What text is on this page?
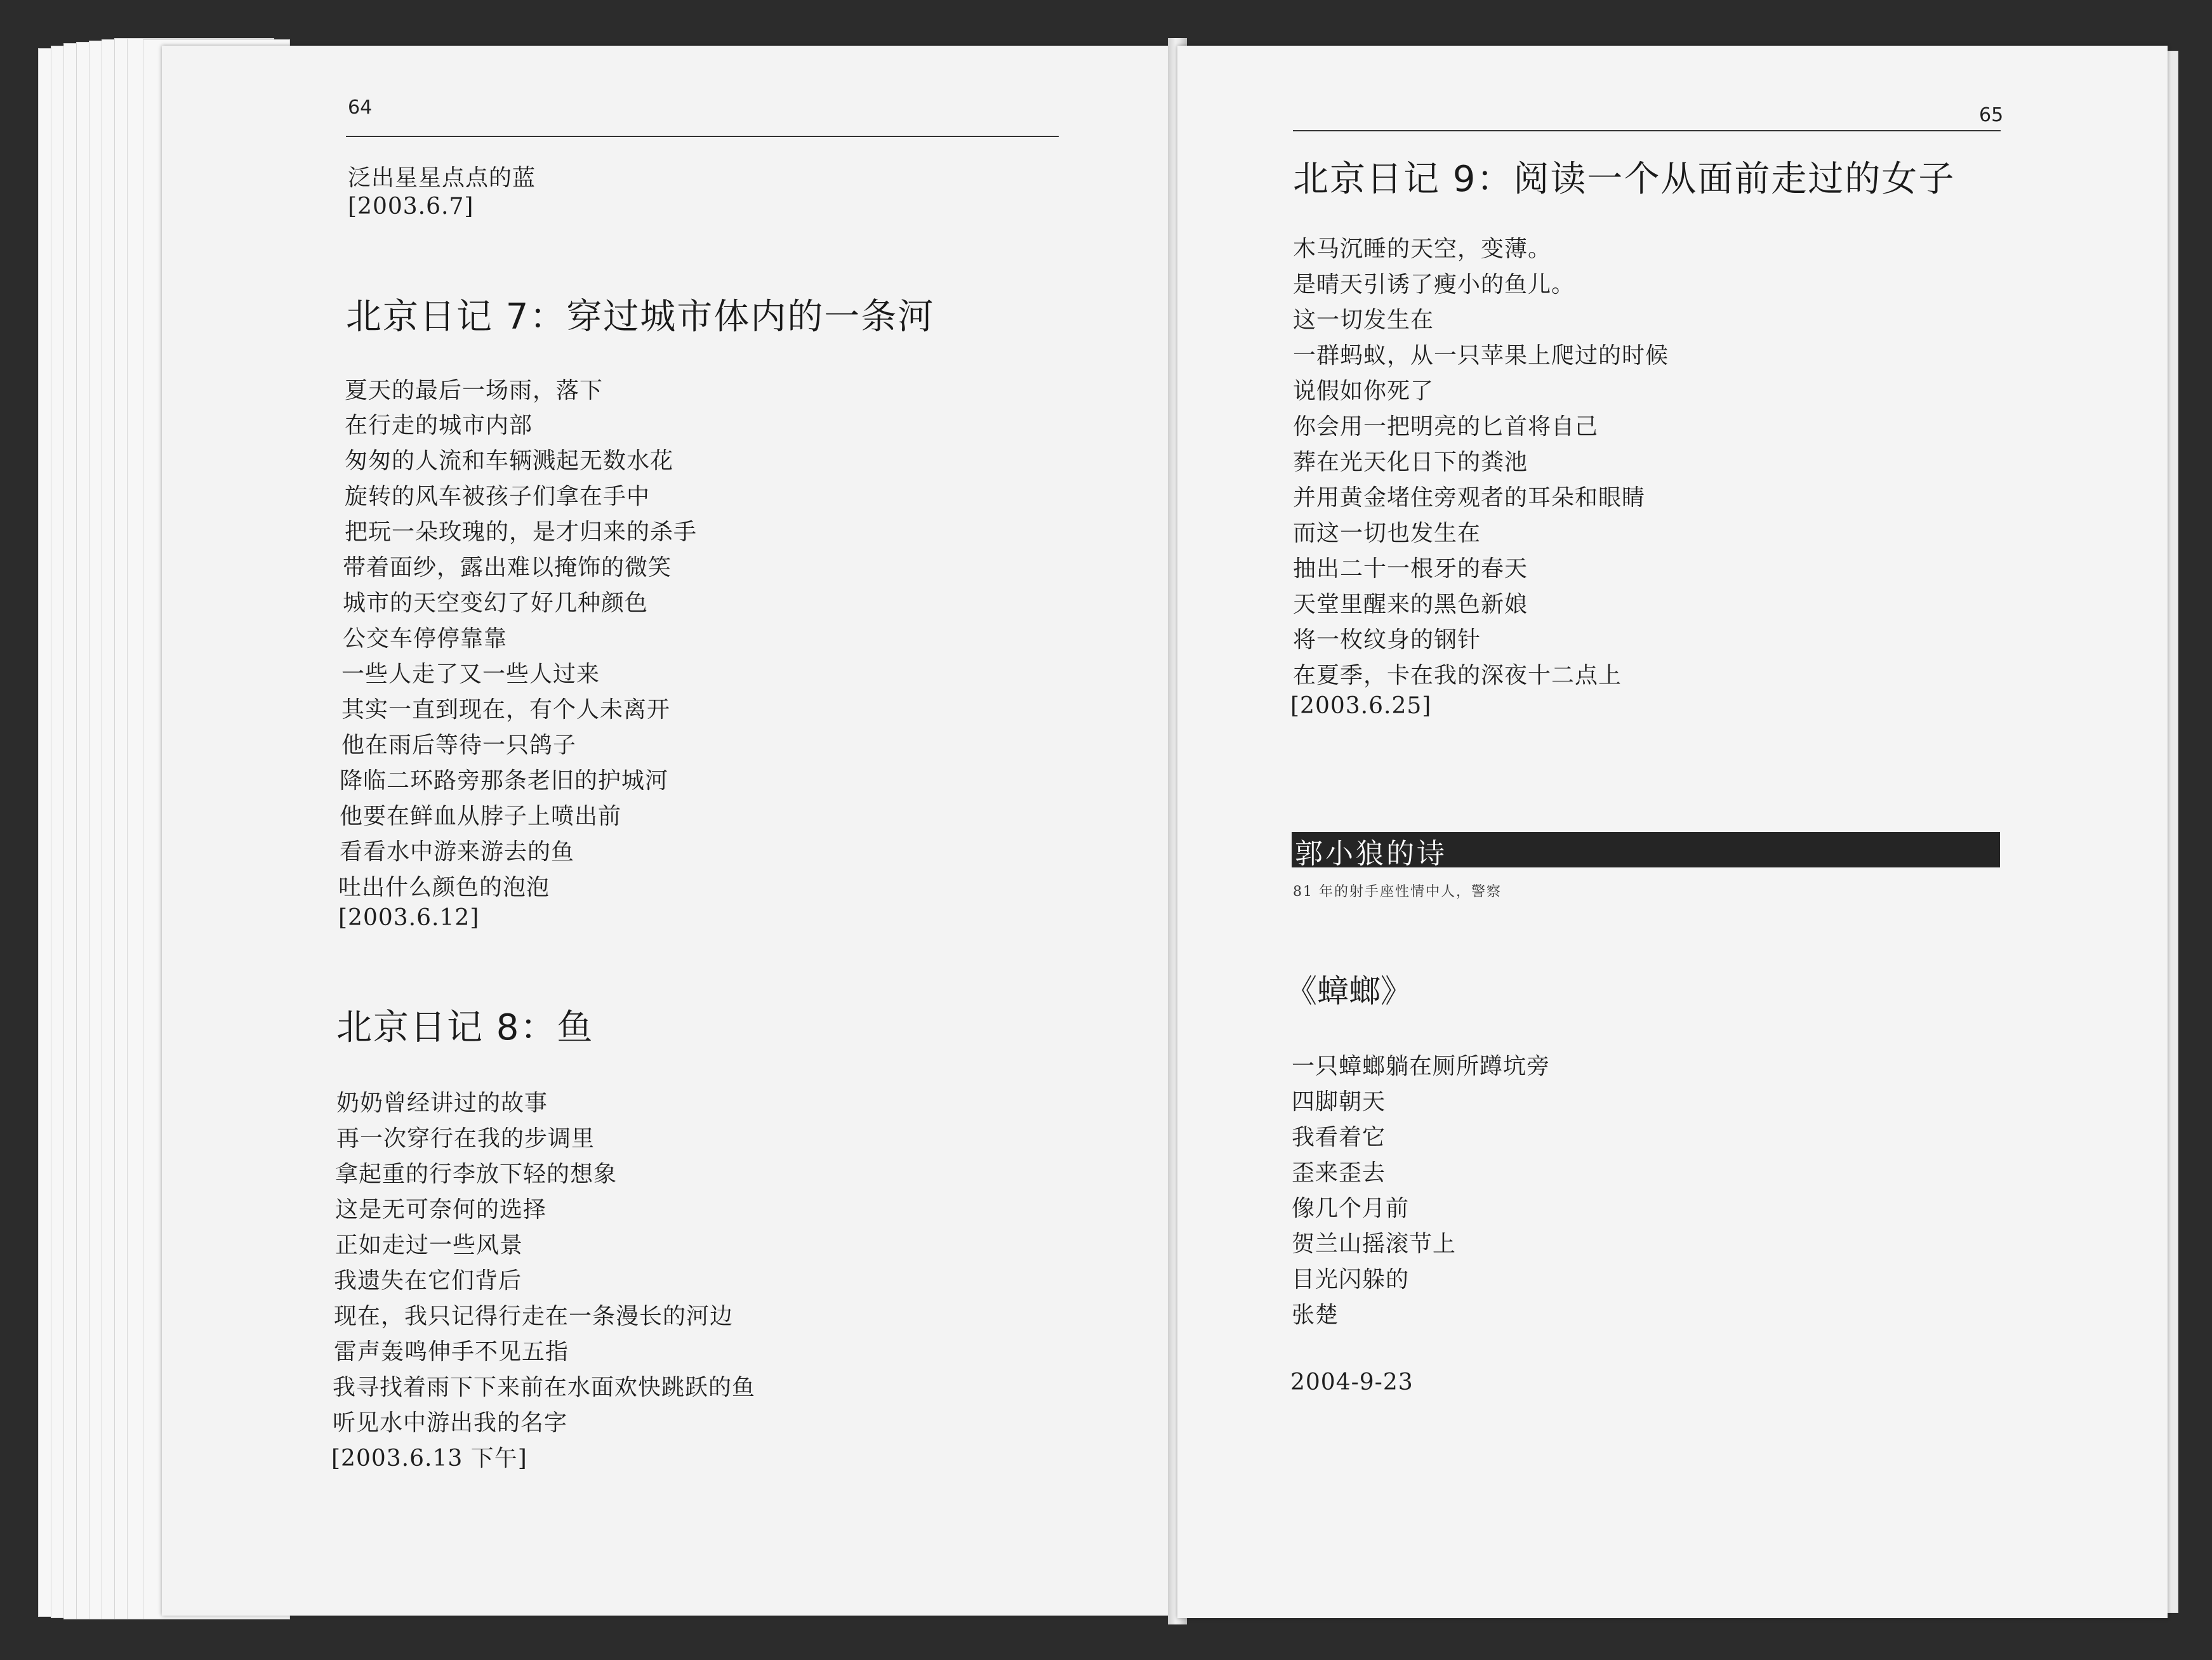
64
泛出星星点点的蓝
[2003.6.7]
北京日记 7：穿过城市体内的一条河
夏天的最后一场雨，落下
在行走的城市内部
匆匆的人流和车辆溅起无数水花
旋转的风车被孩子们拿在手中
把玩一朵玫瑰的，是才归来的杀手
带着面纱，露出难以掩饰的微笑
城市的天空变幻了好几种颜色
公交车停停靠靠
一些人走了又一些人过来
其实一直到现在，有个人未离开
他在雨后等待一只鸽子
降临二环路旁那条老旧的护城河
他要在鲜血从脖子上喷出前
看看水中游来游去的鱼
吐出什么颜色的泡泡
[2003.6.12]
北京日记 8：鱼
奶奶曾经讲过的故事
再一次穿行在我的步调里
拿起重的行李放下轻的想象
这是无可奈何的选择
正如走过一些风景
我遗失在它们背后
现在，我只记得行走在一条漫长的河边
雷声轰鸣伸手不见五指
我寻找着雨下下来前在水面欢快跳跃的鱼
听见水中游出我的名字
[2003.6.13 下午]
65
北京日记 9：阅读一个从面前走过的女子
木马沉睡的天空，变薄。
是晴天引诱了瘦小的鱼儿。
这一切发生在
一群蚂蚁，从一只苹果上爬过的时候
说假如你死了
你会用一把明亮的匕首将自己
葬在光天化日下的粪池
并用黄金堵住旁观者的耳朵和眼睛
而这一切也发生在
抽出二十一根牙的春天
天堂里醒来的黑色新娘
将一枚纹身的钢针
在夏季，卡在我的深夜十二点上
[2003.6.25]
郭小狼的诗
81 年的射手座性情中人，警察
《蟑螂》
一只蟑螂躺在厕所蹲坑旁
四脚朝天
我看着它
歪来歪去
像几个月前
贺兰山摇滚节上
目光闪躲的
张楚
2004-9-23
